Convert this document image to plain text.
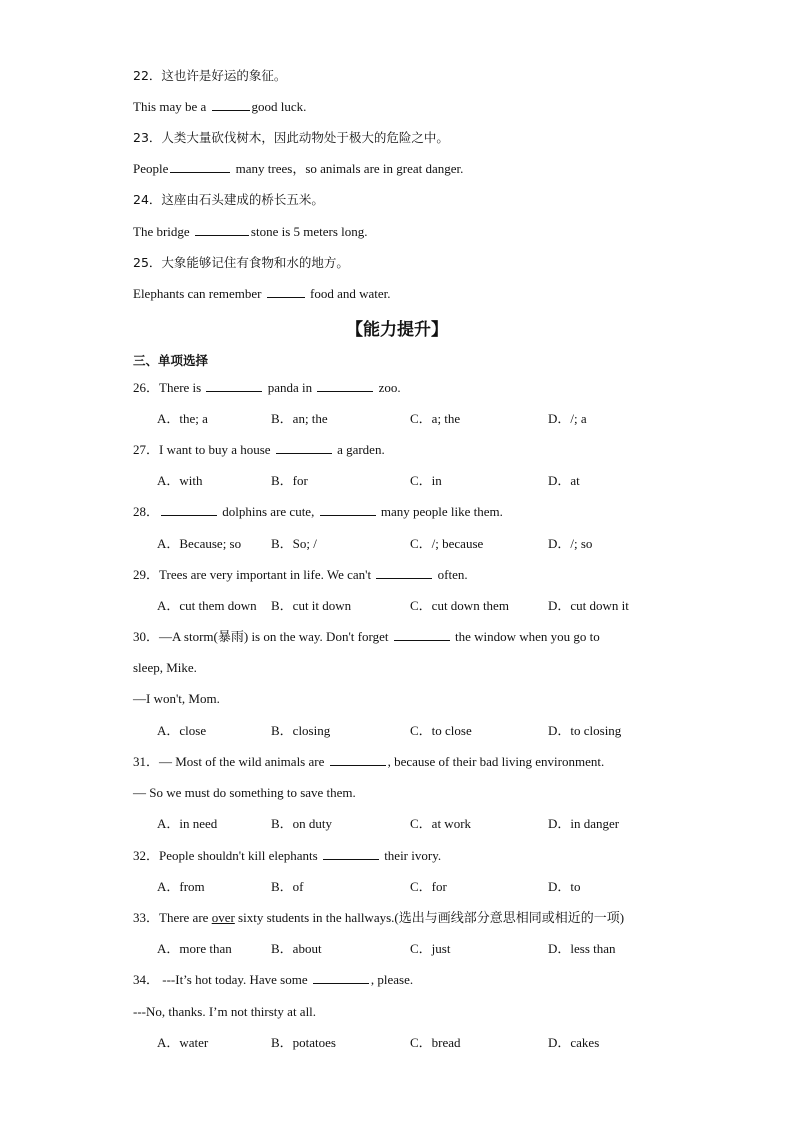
22．这也许是好运的象征。
This may be a	good luck.
23．人类大量砍伐树木，因此动物处于极大的危险之中。
People	many trees，so animals are in great danger.
24．这座由石头建成的桥长五米。
The bridge	stone is 5 meters long.
25．大象能够记住有食物和水的地方。
Elephants can remember	food and water.
【能力提升】
三、单项选择
26．There is	panda in	zoo.
A．the; a	B．an; the	C．a; the	D．/; a
27．I want to buy a house	a garden.
A．with	B．for	C．in	D．at
28．	dolphins are cute,	many people like them.
A．Because; so B．So; /	C．/; because	D．/; so
29．Trees are very important in life. We can't	often.
A．cut them down B．cut it down	C．cut down them	D．cut down it
30．—A storm(暴雨) is on the way. Don't forget	the window when you go to
sleep, Mike.
—I won't, Mom.
A．close	B．closing	C．to close	D．to closing
31．— Most of the wild animals are	, because of their bad living environment.
— So we must do something to save them.
A．in need	B．on duty	C．at work	D．in danger
32．People shouldn't kill elephants	their ivory.
A．from	B．of	C．for	D．to
33．There are over sixty students in the hallways.(选出与画线部分意思相同或相近的一项)
A．more than	B．about	C．just	D．less than
34． ---It’s hot today. Have some	, please.
---No, thanks. I’m not thirsty at all.
A．water	B．potatoes	C．bread	D．cakes
